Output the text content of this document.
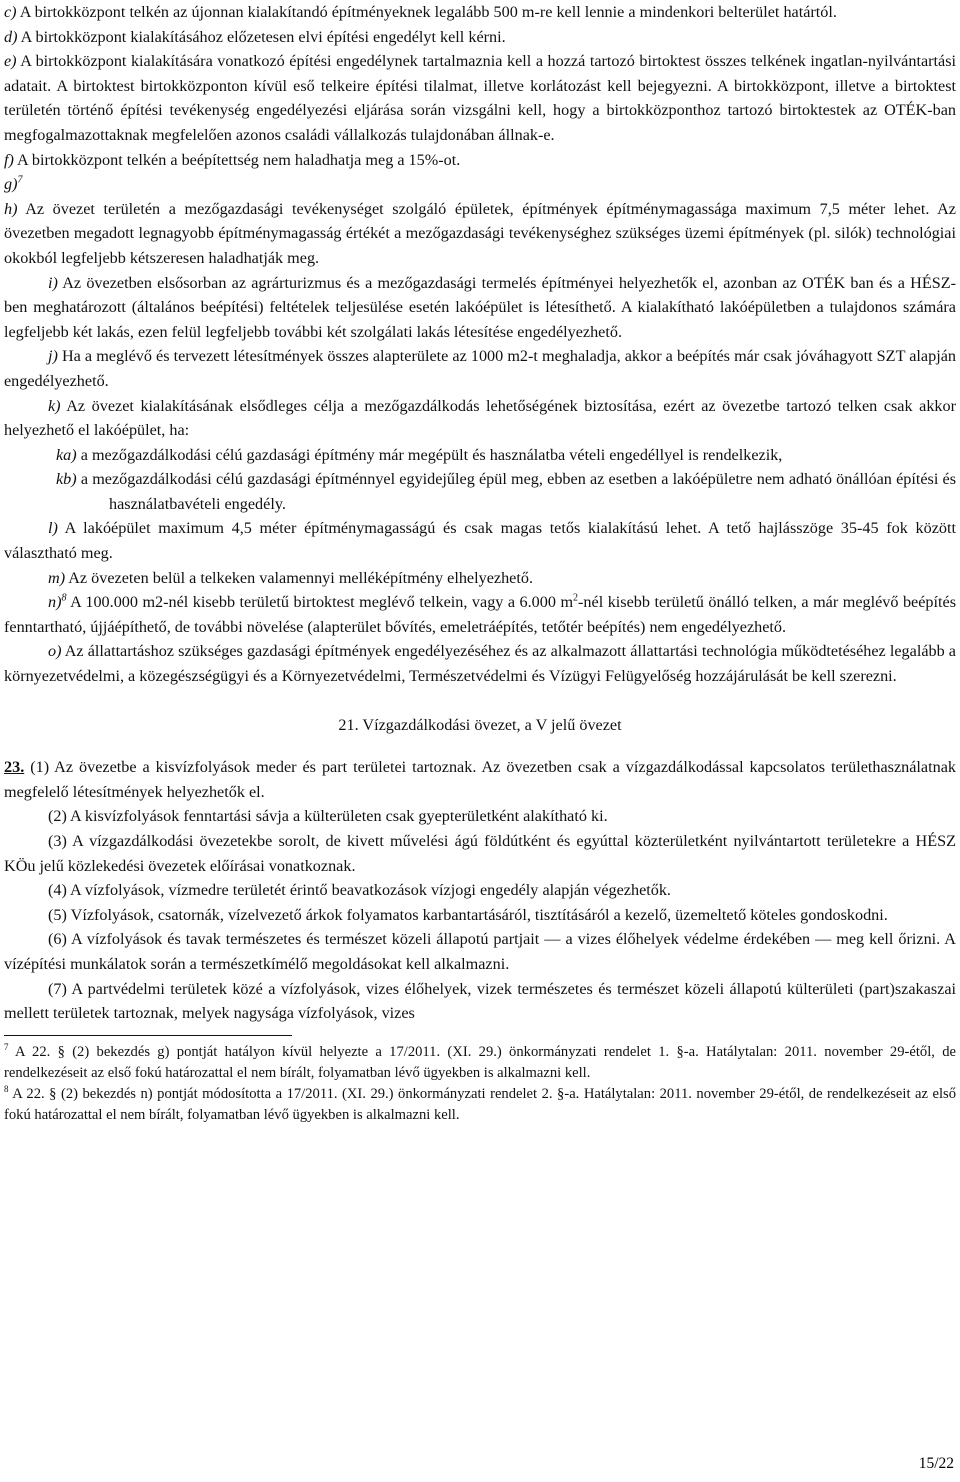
c) A birtokközpont telkén az újonnan kialakítandó építményeknek legalább 500 m-re kell lennie a mindenkori belterület határtól.

d) A birtokközpont kialakításához előzetesen elvi építési engedélyt kell kérni.

e) A birtokközpont kialakítására vonatkozó építési engedélynek tartalmaznia kell a hozzá tartozó birtoktest összes telkének ingatlan-nyilvántartási adatait. A birtoktest birtokközponton kívül eső telkeire építési tilalmat, illetve korlátozást kell bejegyezni. A birtokközpont, illetve a birtoktest területén történő építési tevékenység engedélyezési eljárása során vizsgálni kell, hogy a birtokközponthoz tartozó birtoktestek az OTÉK-ban megfogalmazottaknak megfelelően azonos családi vállalkozás tulajdonában állnak-e.

f) A birtokközpont telkén a beépítettség nem haladhatja meg a 15%-ot.

g)$^7$

h) Az övezet területén a mezőgazdasági tevékenységet szolgáló épületek, építmények építménymagassága maximum 7,5 méter lehet. Az övezetben megadott legnagyobb építménymagasság értékét a mezőgazdasági tevékenységhez szükséges üzemi építmények (pl. silók) technológiai okokból legfeljebb kétszeresen haladhatják meg.

i) Az övezetben elsősorban az agrárturizmus és a mezőgazdasági termelés építményei helyezhetők el, azonban az OTÉK ban és a HÉSZ-ben meghatározott (általános beépítési) feltételek teljesülése esetén lakóépület is létesíthető. A kialakítható lakóépületben a tulajdonos számára legfeljebb két lakás, ezen felül legfeljebb további két szolgálati lakás létesítése engedélyezhető.

j) Ha a meglévő és tervezett létesítmények összes alapterülete az 1000 m2-t meghaladja, akkor a beépítés már csak jóváhagyott SZT alapján engedélyezhető.

k) Az övezet kialakításának elsődleges célja a mezőgazdálkodás lehetőségének biztosítása, ezért az övezetbe tartozó telken csak akkor helyezhető el lakóépület, ha:

ka) a mezőgazdálkodási célú gazdasági építmény már megépült és használatba vételi engedéllyel is rendelkezik,

kb) a mezőgazdálkodási célú gazdasági építménnyel egyidejűleg épül meg, ebben az esetben a lakóépületre nem adható önállóan építési és használatbavételi engedély.

l) A lakóépület maximum 4,5 méter építménymagasságú és csak magas tetős kialakítású lehet. A tető hajlásszöge 35-45 fok között választható meg.

m) Az övezeten belül a telkeken valamennyi melléképítmény elhelyezhető.

n)$^8$ A 100.000 m2-nél kisebb területű birtoktest meglévő telkein, vagy a 6.000 $m^2$-nél kisebb területű önálló telken, a már meglévő beépítés fenntartható, újjáépíthető, de további növelése (alapterület bővítés, emeletráépítés, tetőtér beépítés) nem engedélyezhető.

o) Az állattartáshoz szükséges gazdasági építmények engedélyezéséhez és az alkalmazott állattartási technológia működtetéséhez legalább a környezetvédelmi, a közegészségügyi és a Környezetvédelmi, Természetvédelmi és Vízügyi Felügyelőség hozzájárulását be kell szerezni.

21. Vízgazdálkodási övezet, a V jelű övezet

23. (1) Az övezetbe a kisvízfolyások meder és part területei tartoznak. Az övezetben csak a vízgazdálkodással kapcsolatos területhasználatnak megfelelő létesítmények helyezhetők el.

(2) A kisvízfolyások fenntartási sávja a külterületen csak gyepterületként alakítható ki.

(3) A vízgazdálkodási övezetekbe sorolt, de kivett művelési ágú földútként és egyúttal közterületként nyilvántartott területekre a HÉSZ KÖu jelű közlekedési övezetek előírásai vonatkoznak.

(4) A vízfolyások, vízmedre területét érintő beavatkozások vízjogi engedély alapján végezhetők.

(5) Vízfolyások, csatornák, vízelvezető árkok folyamatos karbantartásáról, tisztításáról a kezelő, üzemeltető köteles gondoskodni.

(6) A vízfolyások és tavak természetes és természet közeli állapotú partjait — a vizes élőhelyek védelme érdekében — meg kell őrizni. A vízépítési munkálatok során a természetkímélő megoldásokat kell alkalmazni.

(7) A partvédelmi területek közé a vízfolyások, vizes élőhelyek, vizek természetes és természet közeli állapotú külterületi (part)szakaszai mellett területek tartoznak, melyek nagysága vízfolyások, vizes

$^7$ A 22. § (2) bekezdés g) pontját hatályon kívül helyezte a 17/2011. (XI. 29.) önkormányzati rendelet 1. §-a. Hatálytalan: 2011. november 29-étől, de rendelkezéseit az első fokú határozattal el nem bírált, folyamatban lévő ügyekben is alkalmazni kell.

$^8$ A 22. § (2) bekezdés n) pontját módosította a 17/2011. (XI. 29.) önkormányzati rendelet 2. §-a. Hatálytalan: 2011. november 29-étől, de rendelkezéseit az első fokú határozattal el nem bírált, folyamatban lévő ügyekben is alkalmazni kell.

15/22
